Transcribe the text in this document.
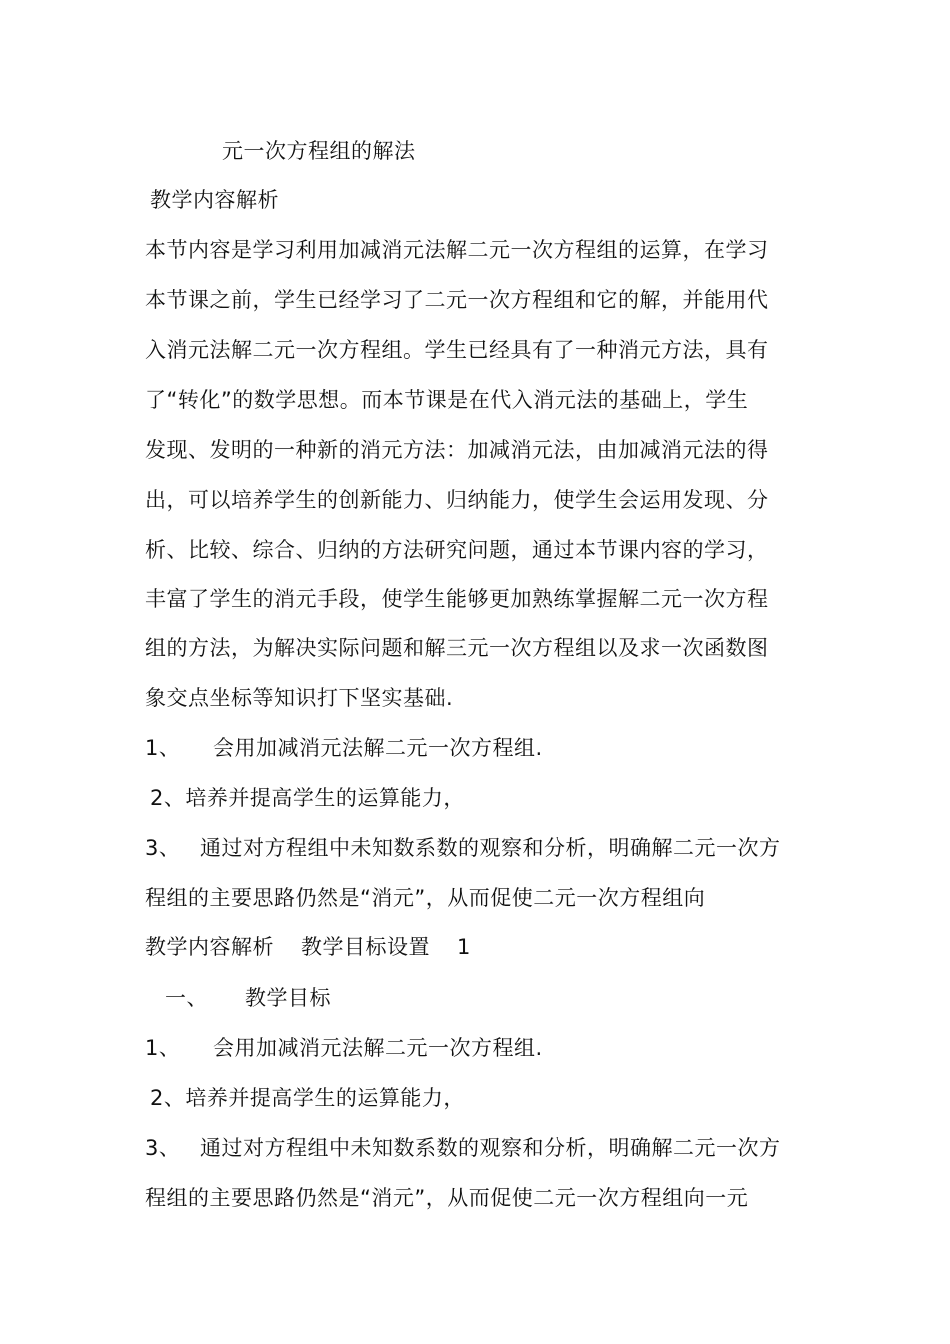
元一次方程组的解法
教学内容解析
本节内容是学习利用加减消元法解二元一次方程组的运算，在学习
本节课之前，学生已经学习了二元一次方程组和它的解，并能用代
入消元法解二元一次方程组。学生已经具有了一种消元方法，具有
了“转化”的数学思想。而本节课是在代入消元法的基础上，学生
发现、发明的一种新的消元方法：加减消元法，由加减消元法的得
出，可以培养学生的创新能力、归纳能力，使学生会运用发现、分
析、比较、综合、归纳的方法研究问题，通过本节课内容的学习，
丰富了学生的消元手段，使学生能够更加熟练掌握解二元一次方程
组的方法，为解决实际问题和解三元一次方程组以及求一次函数图
象交点坐标等知识打下坚实基础.
1、 会用加减消元法解二元一次方程组.
2、培养并提高学生的运算能力，
3、 通过对方程组中未知数系数的观察和分析，明确解二元一次方
程组的主要思路仍然是“消元”，从而促使二元一次方程组向
教学内容解析 教学目标设置 1
一、 教学目标
1、 会用加减消元法解二元一次方程组.
2、培养并提高学生的运算能力，
3、 通过对方程组中未知数系数的观察和分析，明确解二元一次方
程组的主要思路仍然是“消元”，从而促使二元一次方程组向一元
